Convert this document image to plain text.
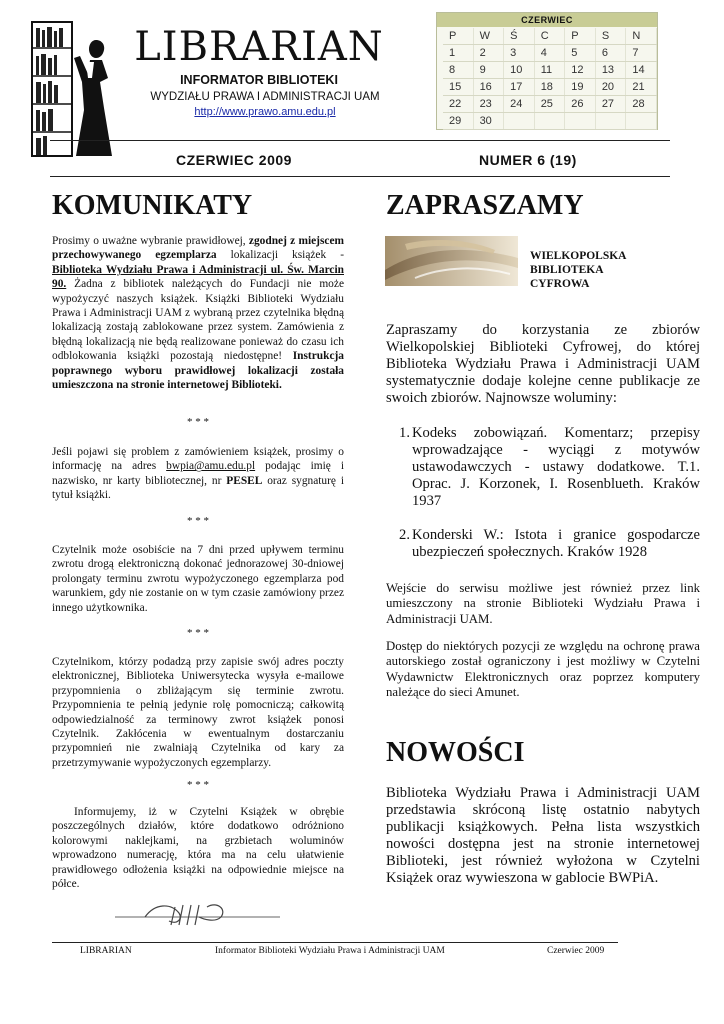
LIBRARIAN
INFORMATOR BIBLIOTEKI
WYDZIAŁU PRAWA I ADMINISTRACJI UAM
http://www.prawo.amu.edu.pl
CZERWIEC
P	W	Ś	C	P	S	N
1	2	3	4	5	6	7
8	9	10	11	12	13	14
15	16	17	18	19	20	21
22	23	24	25	26	27	28
29	30					
CZERWIEC 2009	NUMER 6 (19)
KOMUNIKATY

Prosimy o uważne wybranie prawidłowej, zgodnej z miejscem przechowywanego egzemplarza lokalizacji książek - Biblioteka Wydziału Prawa i Administracji ul. Św. Marcin 90. Żadna z bibliotek należących do Fundacji nie może wypożyczyć naszych książek. Książki Biblioteki Wydziału Prawa i Administracji UAM z wybraną przez czytelnika błędną lokalizacją zostają zablokowane przez system. Zamówienia z błędną lokalizacją nie będą realizowane ponieważ do czasu ich odblokowania książki pozostają niedostępne! Instrukcja poprawnego wyboru prawidłowej lokalizacji została umieszczona na stronie internetowej Biblioteki.

* * *

Jeśli pojawi się problem z zamówieniem książek, prosimy o informację na adres bwpia@amu.edu.pl podając imię i nazwisko, nr karty bibliotecznej, nr PESEL oraz sygnaturę i tytuł książki.

* * *

Czytelnik może osobiście na 7 dni przed upływem terminu zwrotu drogą elektroniczną dokonać jednorazowej 30-dniowej prolongaty terminu zwrotu wypożyczonego egzemplarza pod warunkiem, gdy nie zostanie on w tym czasie zamówiony przez innego użytkownika.

* * *

Czytelnikom, którzy podadzą przy zapisie swój adres poczty elektronicznej, Biblioteka Uniwersytecka wysyła e-mailowe przypomnienia o zbliżającym się terminie zwrotu. Przypomnienia te pełnią jedynie rolę pomocniczą; całkowitą odpowiedzialność za terminowy zwrot książek ponosi Czytelnik. Zakłócenia w ewentualnym dostarczaniu przypomnień nie zwalniają Czytelnika od kary za przetrzymywanie wypożyczonych egzemplarzy.

* * *

Informujemy, iż w Czytelni Książek w obrębie poszczególnych działów, które dodatkowo odróżniono kolorowymi naklejkami, na grzbietach woluminów wprowadzono numerację, która ma na celu ułatwienie prawidłowego odłożenia książki na odpowiednie miejsce na półce.

ZAPRASZAMY
WIELKOPOLSKA
BIBLIOTEKA
CYFROWA
Zapraszamy do korzystania ze zbiorów Wielkopolskiej Biblioteki Cyfrowej, do której Biblioteka Wydziału Prawa i Administracji UAM systematycznie dodaje kolejne cenne publikacje ze swoich zbiorów. Najnowsze woluminy:
1. Kodeks zobowiązań. Komentarz; przepisy wprowadzające - wyciągi z motywów ustawodawczych - ustawy dodatkowe. T.1. Oprac. J. Korzonek, I. Rosenblueth. Kraków 1937
2. Konderski W.: Istota i granice gospodarcze ubezpieczeń społecznych. Kraków 1928
Wejście do serwisu możliwe jest również przez link umieszczony na stronie Biblioteki Wydziału Prawa i Administracji UAM.
Dostęp do niektórych pozycji ze względu na ochronę prawa autorskiego został ograniczony i jest możliwy w Czytelni Wydawnictw Elektronicznych oraz poprzez komputery należące do sieci Amunet.
NOWOŚCI
Biblioteka Wydziału Prawa i Administracji UAM przedstawia skróconą listę ostatnio nabytych publikacji książkowych. Pełna lista wszystkich nowości dostępna jest na stronie internetowej Biblioteki, jest również wyłożona w Czytelni Książek oraz wywieszona w gablocie BWPiA.
LIBRARIAN	Informator Biblioteki Wydziału Prawa i Administracji UAM	Czerwiec 2009
